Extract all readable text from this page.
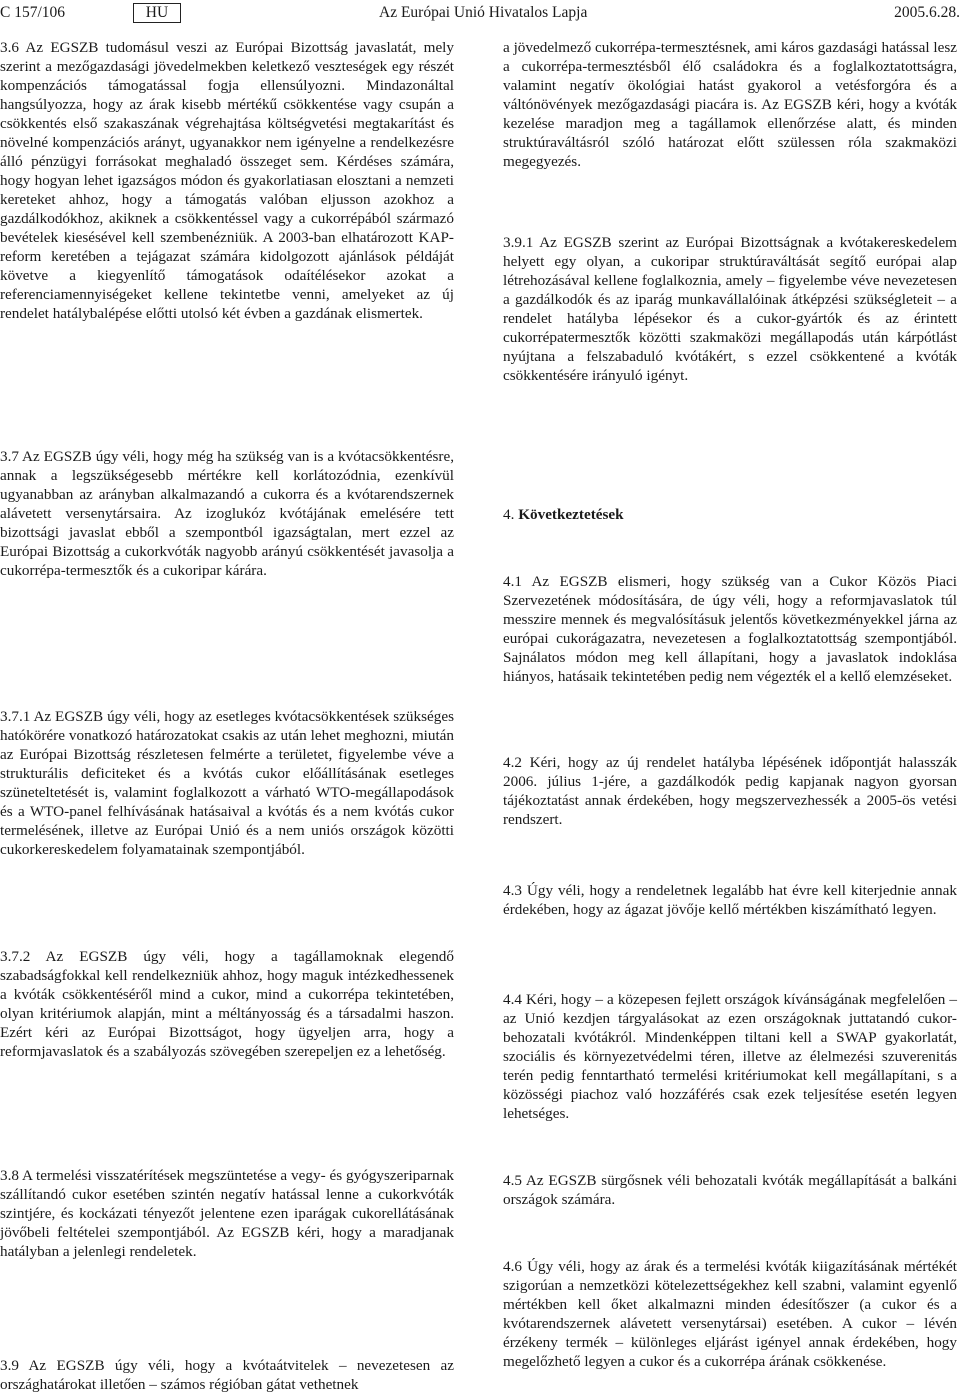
C 157/106	HU	Az Európai Unió Hivatalos Lapja	2005.6.28.

3.6 Az EGSZB tudomásul veszi az Európai Bizottság javaslatát, mely szerint a mezőgazdasági jövedelmekben keletkező veszteségek egy részét kompenzációs támogatással fogja ellensúlyozni. Mindazonáltal hangsúlyozza, hogy az árak kisebb mértékű csökkentése vagy csupán a csökkentés első szakaszának végrehajtása költségvetési megtakarítást és növelné kompenzációs arányt, ugyanakkor nem igényelne a rendelkezésre álló pénzügyi forrásokat meghaladó összeget sem. Kérdéses számára, hogy hogyan lehet igazságos módon és gyakorlatiasan elosztani a nemzeti kereteket ahhoz, hogy a támogatás valóban eljusson azokhoz a gazdálkodókhoz, akiknek a csökkentéssel vagy a cukorrépából származó bevételek kiesésével kell szembenézniük. A 2003-ban elhatározott KAP-reform keretében a tejágazat számára kidolgozott ajánlások példáját követve a kiegyenlítő támogatások odaítélésekor azokat a referenciamennyiségeket kellene tekintetbe venni, amelyeket az új rendelet hatálybalépése előtti utolsó két évben a gazdának elismertek.

3.7 Az EGSZB úgy véli, hogy még ha szükség van is a kvótacsökkentésre, annak a legszükségesebb mértékre kell korlátozódnia, ezenkívül ugyanabban az arányban alkalmazandó a cukorra és a kvótarendszernek alávetett versenytársaira. Az izoglukóz kvótájának emelésére tett bizottsági javaslat ebből a szempontból igazságtalan, mert ezzel az Európai Bizottság a cukorkvóták nagyobb arányú csökkentését javasolja a cukorrépa-termesztők és a cukoripar kárára.

3.7.1 Az EGSZB úgy véli, hogy az esetleges kvótacsökkentések szükséges hatókörére vonatkozó határozatokat csakis az után lehet meghozni, miután az Európai Bizottság részletesen felmérte a területet, figyelembe véve a strukturális deficiteket és a kvótás cukor előállításának esetleges szüneteltetését is, valamint foglalkozott a várható WTO-megállapodások és a WTO-panel felhívásának hatásaival a kvótás és a nem kvótás cukor termelésének, illetve az Európai Unió és a nem uniós országok közötti cukorkereskedelem folyamatainak szempontjából.

3.7.2 Az EGSZB úgy véli, hogy a tagállamoknak elegendő szabadságfokkal kell rendelkezniük ahhoz, hogy maguk intézkedhessenek a kvóták csökkentéséről mind a cukor, mind a cukorrépa tekintetében, olyan kritériumok alapján, mint a méltányosság és a társadalmi haszon. Ezért kéri az Európai Bizottságot, hogy ügyeljen arra, hogy a reformjavaslatok és a szabályozás szövegében szerepeljen ez a lehetőség.

3.8 A termelési visszatérítések megszüntetése a vegy- és gyógyszeriparnak szállítandó cukor esetében szintén negatív hatással lenne a cukorkvóták szintjére, és kockázati tényezőt jelentene ezen iparágak cukorellátásának jövőbeli feltételei szempontjából. Az EGSZB kéri, hogy a maradjanak hatályban a jelenlegi rendeletek.

3.9 Az EGSZB úgy véli, hogy a kvótaátvitelek – nevezetesen az országhatárokat illetően – számos régióban gátat vethetnek

a jövedelmező cukorrépa-termesztésnek, ami káros gazdasági hatással lesz a cukorrépa-termesztésből élő családokra és a foglalkoztatottságra, valamint negatív ökológiai hatást gyakorol a vetésforgóra és a váltónövények mezőgazdasági piacára is. Az EGSZB kéri, hogy a kvóták kezelése maradjon meg a tagállamok ellenőrzése alatt, és minden struktúraváltásról szóló határozat előtt szülessen róla szakmaközi megegyezés.

3.9.1 Az EGSZB szerint az Európai Bizottságnak a kvótakereskedelem helyett egy olyan, a cukoripar struktúraváltását segítő európai alap létrehozásával kellene foglalkoznia, amely – figyelembe véve nevezetesen a gazdálkodók és az iparág munkavállalóinak átképzési szükségleteit – a rendelet hatályba lépésekor és a cukor-gyártók és az érintett cukorrépatermesztők közötti szakmaközi megállapodás után kárpótlást nyújtana a felszabaduló kvótákért, s ezzel csökkentené a kvóták csökkentésére irányuló igényt.

4. Következtetések

4.1 Az EGSZB elismeri, hogy szükség van a Cukor Közös Piaci Szervezetének módosítására, de úgy véli, hogy a reformjavaslatok túl messzire mennek és megvalósításuk jelentős következményekkel járna az európai cukorágazatra, nevezetesen a foglalkoztatottság szempontjából. Sajnálatos módon meg kell állapítani, hogy a javaslatok indoklása hiányos, hatásaik tekintetében pedig nem végezték el a kellő elemzéseket.

4.2 Kéri, hogy az új rendelet hatályba lépésének időpontját halasszák 2006. július 1-jére, a gazdálkodók pedig kapjanak nagyon gyorsan tájékoztatást annak érdekében, hogy megszervezhessék a 2005-ös vetési rendszert.

4.3 Úgy véli, hogy a rendeletnek legalább hat évre kell kiterjednie annak érdekében, hogy az ágazat jövője kellő mértékben kiszámítható legyen.

4.4 Kéri, hogy – a közepesen fejlett országok kívánságának megfelelően – az Unió kezdjen tárgyalásokat az ezen országoknak juttatandó cukor-behozatali kvótákról. Mindenképpen tiltani kell a SWAP gyakorlatát, szociális és környezetvédelmi téren, illetve az élelmezési szuverenitás terén pedig fenntartható termelési kritériumokat kell megállapítani, s a közösségi piachoz való hozzáférés csak ezek teljesítése esetén legyen lehetséges.

4.5 Az EGSZB sürgősnek véli behozatali kvóták megállapítását a balkáni országok számára.

4.6 Úgy véli, hogy az árak és a termelési kvóták kiigazításának mértékét szigorúan a nemzetközi kötelezettségekhez kell szabni, valamint egyenlő mértékben kell őket alkalmazni minden édesítőszer (a cukor és a kvótarendszernek alávetett versenytársai) esetében. A cukor – lévén érzékeny termék – különleges eljárást igényel annak érdekében, hogy megelőzhető legyen a cukor és a cukorrépa árának csökkenése.
